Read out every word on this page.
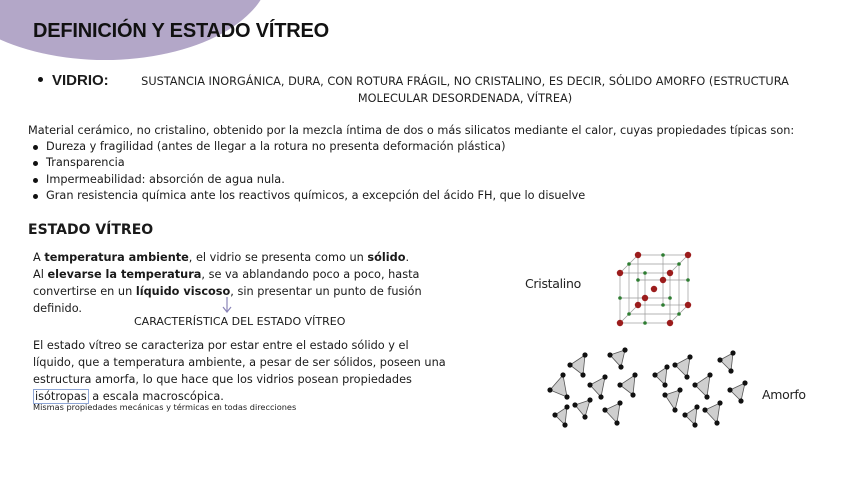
DEFINICIÓN Y ESTADO VÍTREO
VIDRIO:	SUSTANCIA INORGÁNICA, DURA, CON ROTURA FRÁGIL, NO CRISTALINO, ES DECIR, SÓLIDO AMORFO (ESTRUCTURA MOLECULAR DESORDENADA, VÍTREA)
Material cerámico, no cristalino, obtenido por la mezcla íntima de dos o más silicatos mediante el calor, cuyas propiedades típicas son:
Dureza y fragilidad (antes de llegar a la rotura no presenta deformación plástica)
Transparencia
Impermeabilidad: absorción de agua nula.
Gran resistencia química ante los reactivos químicos, a excepción del ácido FH, que lo disuelve
ESTADO VÍTREO
A temperatura ambiente, el vidrio se presenta como un sólido.
Al elevarse la temperatura, se va ablandando poco a poco, hasta convertirse en un líquido viscoso, sin presentar un punto de fusión definido.
CARACTERÍSTICA DEL ESTADO VÍTREO
El estado vítreo se caracteriza por estar entre el estado sólido y el líquido, que a temperatura ambiente, a pesar de ser sólidos, poseen una estructura amorfa, lo que hace que los vidrios posean propiedades isótropas a escala macroscópica.
Mismas propiedades mecánicas y térmicas en todas direcciones
Cristalino
Amorfo
